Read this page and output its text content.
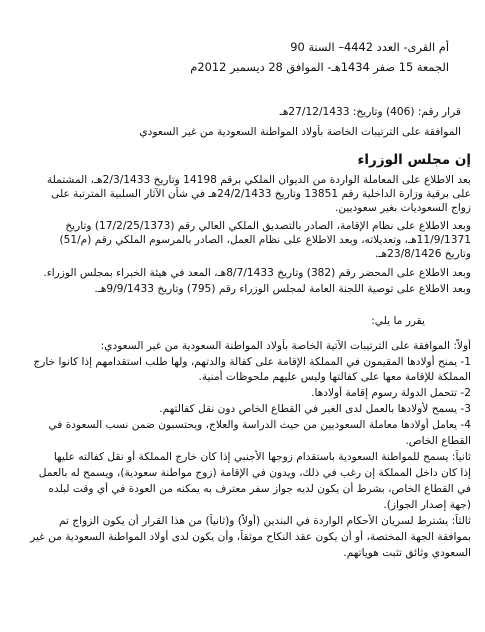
أم القرى- العدد 4442– السنة 90
الجمعة 15 صفر 1434هـ- الموافق 28 ديسمبر 2012م
قرار رقم: (406) وتاريخ: 27/12/1433هـ
الموافقة على الترتيبات الخاصة بأولاد المواطنة السعودية من غير السعودي
إن مجلس الوزراء
بعد الاطلاع على المعاملة الواردة من الديوان الملكي برقم 14198 وتاريخ 2/3/1433هـ، المشتملة
على برقية وزارة الداخلية رقم 13851 وتاريخ 24/2/1433هـ في شأن الآثار السلبية المترتبة على
زواج السعوديات بغير سعوديين.
وبعد الاطلاع على نظام الإقامة، الصادر بالتصديق الملكي العالي رقم (17/2/25/1373) وتاريخ
11/9/1371هـ، وتعديلاته، وبعد الاطلاع على نظام العمل، الصادر بالمرسوم الملكي رقم (م/51)
وتاريخ 23/8/1426هـ.
وبعد الاطلاع على المحضر رقم (382) وتاريخ 8/7/1433هـ، المعد في هيئة الخبراء بمجلس الوزراء.
وبعد الاطلاع على توصية اللجنة العامة لمجلس الوزراء رقم (795) وتاريخ 9/9/1433هـ.
يقرر ما يلي:
أولاً: الموافقة على الترتيبات الآتية الخاصة بأولاد المواطنة السعودية من غير السعودي:
1- يمنح أولادها المقيمون في المملكة الإقامة على كفالة والدتهم، ولها طلب استقدامهم إذا كانوا خارج
المملكة للإقامة معها على كفالتها وليس عليهم ملحوظات أمنية.
2- تتحمل الدولة رسوم إقامة أولادها.
3- يسمح لأولادها بالعمل لدى الغير في القطاع الخاص دون نقل كفالتهم.
4- يعامل أولادها معاملة السعوديين من حيث الدراسة والعلاج، ويحتسبون ضمن نسب السعودة في
القطاع الخاص.
ثانياً: يسمح للمواطنة السعودية باستقدام زوجها الأجنبي إذا كان خارج المملكة أو نقل كفالته عليها
إذا كان داخل المملكة إن رغب في ذلك، ويدون في الإقامة (زوج مواطنة سعودية)، ويسمح له بالعمل
في القطاع الخاص، بشرط أن يكون لديه جواز سفر معترف به يمكنه من العودة في أي وقت لبلده
(جهة إصدار الجواز).
ثالثاً: يشترط لسريان الأحكام الواردة في البندين (أولاً) و(ثانياً) من هذا القرار أن يكون الزواج تم
بموافقة الجهة المختصة، أو أن يكون عقد النكاح موثقاً، وأن يكون لدى أولاد المواطنة السعودية من غير
السعودي وثائق تثبت هوياتهم.
